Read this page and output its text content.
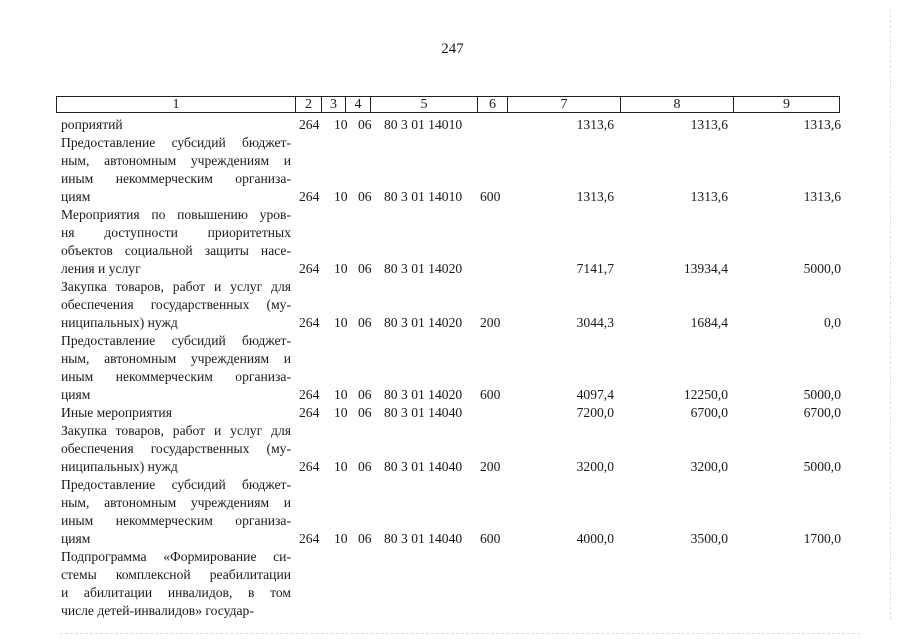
247
1	2	3	4	5	6	7	8	9
роприятий	264 10 06 80 3 01 14010	1313,6	1313,6	1313,6
Предоставление субсидий бюджет-
ным, автономным учреждениям и
иным некоммерческим организа-
циям	264 10 06 80 3 01 14010 600	1313,6	1313,6	1313,6
Мероприятия по повышению уров-
ня доступности приоритетных
объектов социальной защиты насе-
ления и услуг	264 10 06 80 3 01 14020	7141,7	13934,4	5000,0
Закупка товаров, работ и услуг для
обеспечения государственных (му-
ниципальных) нужд	264 10 06 80 3 01 14020 200	3044,3	1684,4	0,0
Предоставление субсидий бюджет-
ным, автономным учреждениям и
иным некоммерческим организа-
циям	264 10 06 80 3 01 14020 600	4097,4	12250,0	5000,0
Иные мероприятия	264 10 06 80 3 01 14040	7200,0	6700,0	6700,0
Закупка товаров, работ и услуг для
обеспечения государственных (му-
ниципальных) нужд	264 10 06 80 3 01 14040 200	3200,0	3200,0	5000,0
Предоставление субсидий бюджет-
ным, автономным учреждениям и
иным некоммерческим организа-
циям	264 10 06 80 3 01 14040 600	4000,0	3500,0	1700,0
Подпрограмма «Формирование си-
стемы комплексной реабилитации
и абилитации инвалидов, в том
числе детей-инвалидов» государ-
